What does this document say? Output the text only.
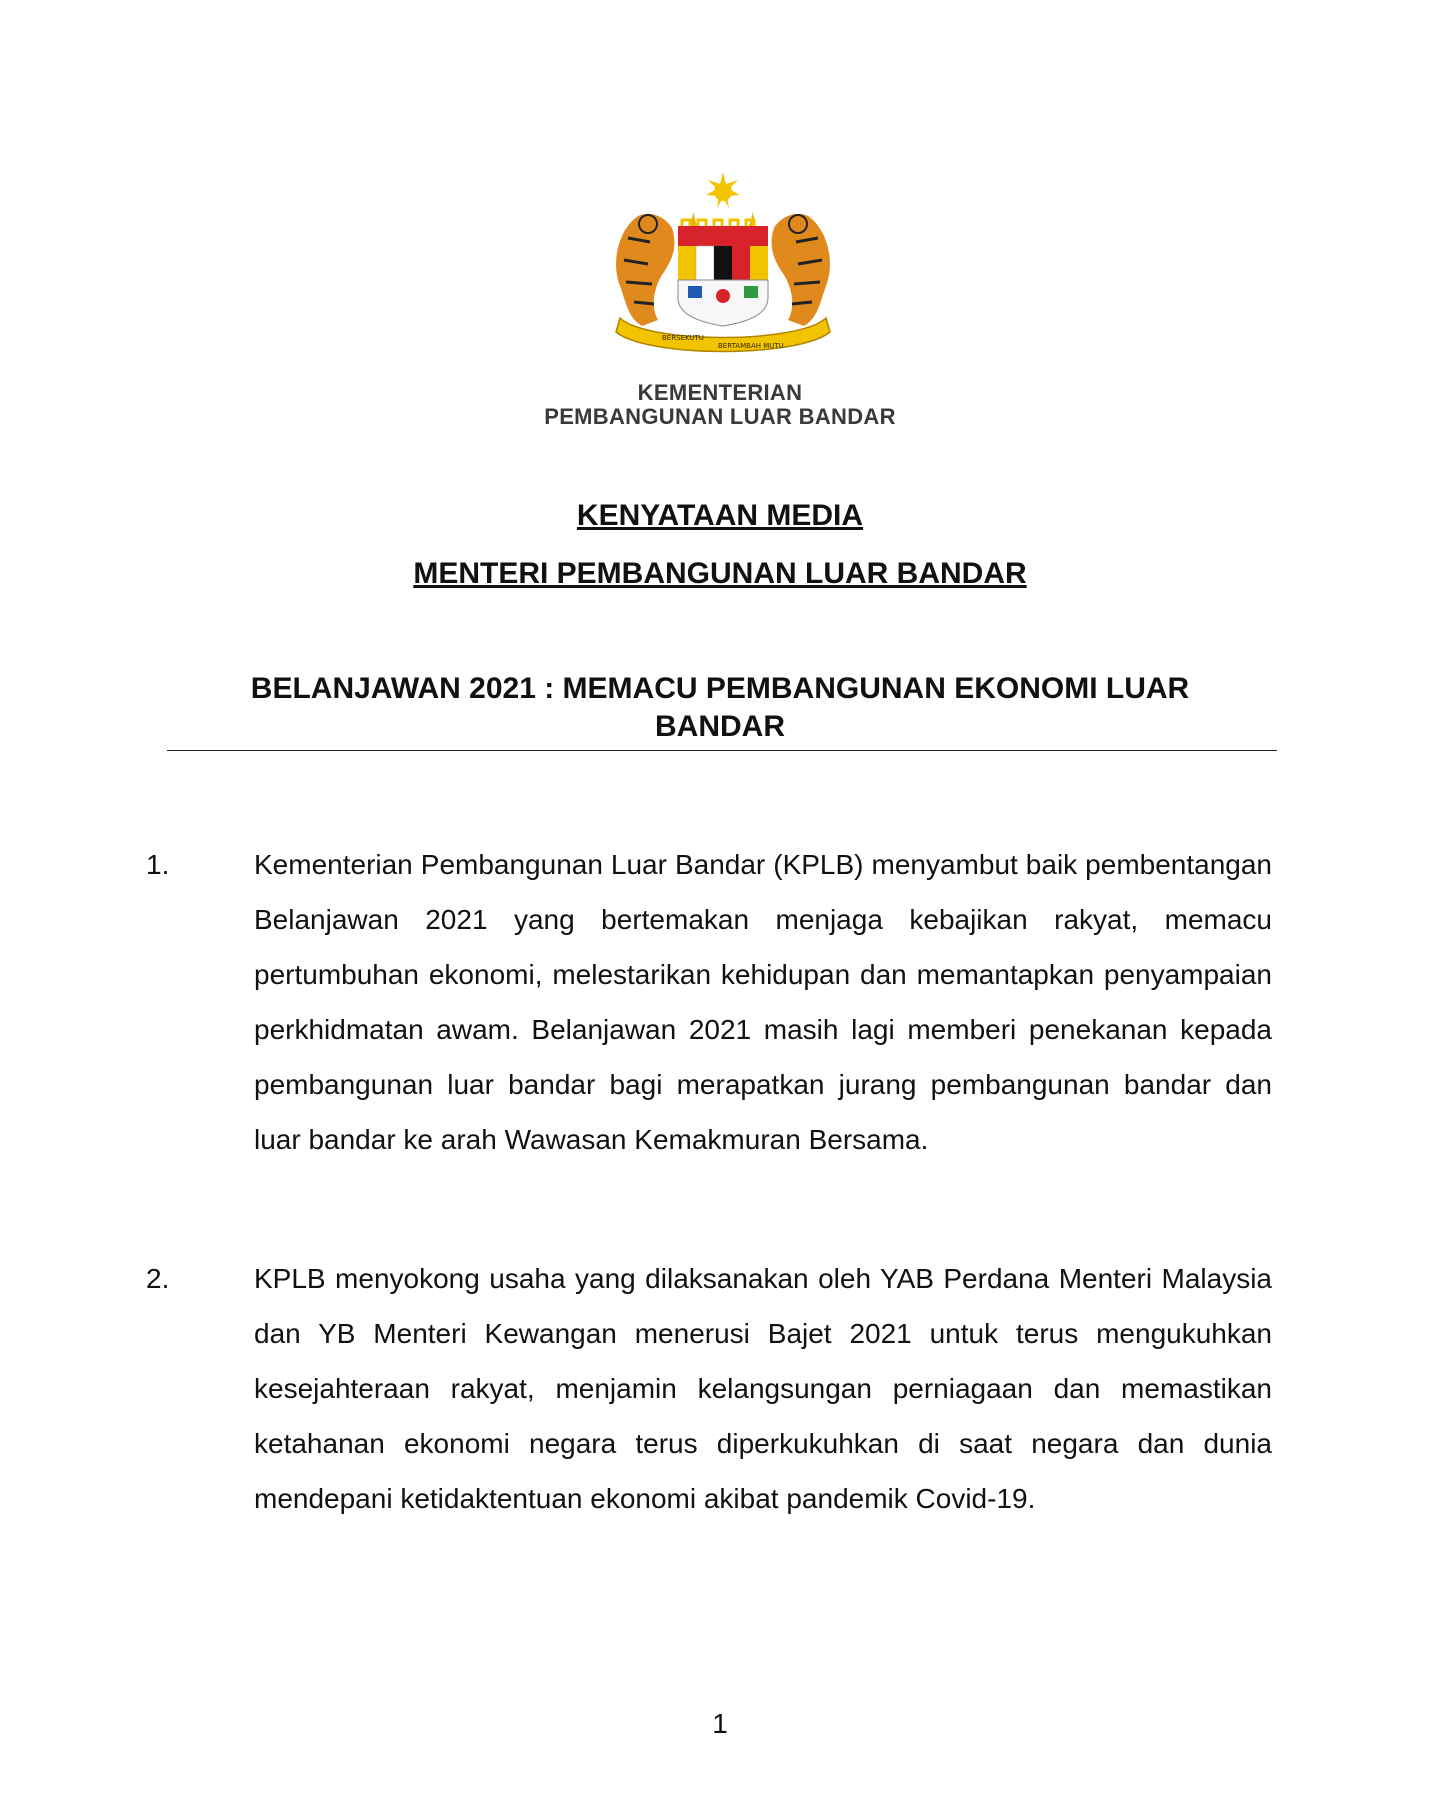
BERSEKUTU
BERTAMBAH MUTU
KEMENTERIAN
PEMBANGUNAN LUAR BANDAR
KENYATAAN MEDIA
MENTERI PEMBANGUNAN LUAR BANDAR
BELANJAWAN 2021 : MEMACU PEMBANGUNAN EKONOMI LUAR BANDAR
1.	Kementerian Pembangunan Luar Bandar (KPLB) menyambut baik pembentangan Belanjawan 2021 yang bertemakan menjaga kebajikan rakyat, memacu pertumbuhan ekonomi, melestarikan kehidupan dan memantapkan penyampaian perkhidmatan awam. Belanjawan 2021 masih lagi memberi penekanan kepada pembangunan luar bandar bagi merapatkan jurang pembangunan bandar dan luar bandar ke arah Wawasan Kemakmuran Bersama.

2.	KPLB menyokong usaha yang dilaksanakan oleh YAB Perdana Menteri Malaysia dan YB Menteri Kewangan menerusi Bajet 2021 untuk terus mengukuhkan kesejahteraan rakyat, menjamin kelangsungan perniagaan dan memastikan ketahanan ekonomi negara terus diperkukuhkan di saat negara dan dunia mendepani ketidaktentuan ekonomi akibat pandemik Covid-19.

1
